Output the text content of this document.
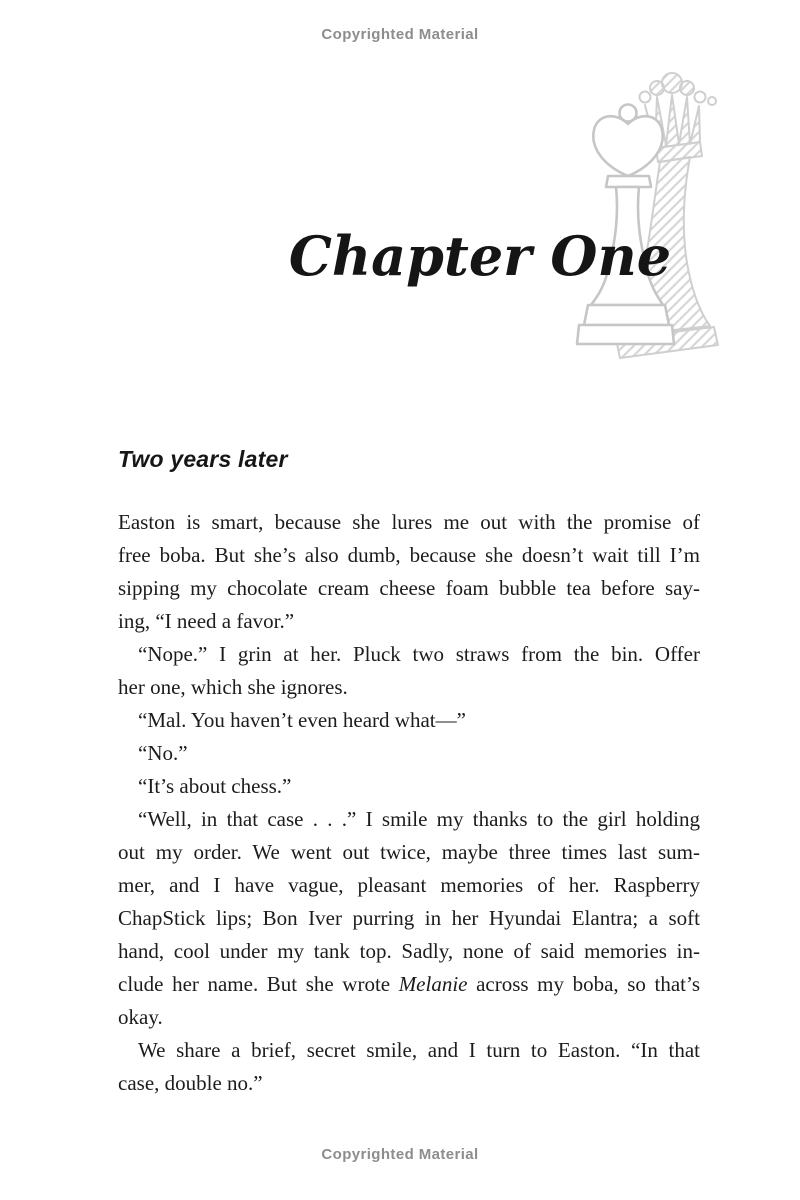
Copyrighted Material
Chapter One
Two years later
Easton is smart, because she lures me out with the promise of
free boba. But she’s also dumb, because she doesn’t wait till I’m
sipping my chocolate cream cheese foam bubble tea before say-
ing, “I need a favor.”
“Nope.” I grin at her. Pluck two straws from the bin. Offer
her one, which she ignores.
“Mal. You haven’t even heard what—”
“No.”
“It’s about chess.”
“Well, in that case . . .” I smile my thanks to the girl holding
out my order. We went out twice, maybe three times last sum-
mer, and I have vague, pleasant memories of her. Raspberry
ChapStick lips; Bon Iver purring in her Hyundai Elantra; a soft
hand, cool under my tank top. Sadly, none of said memories in-
clude her name. But she wrote Melanie across my boba, so that’s
okay.
We share a brief, secret smile, and I turn to Easton. “In that
case, double no.”
Copyrighted Material
